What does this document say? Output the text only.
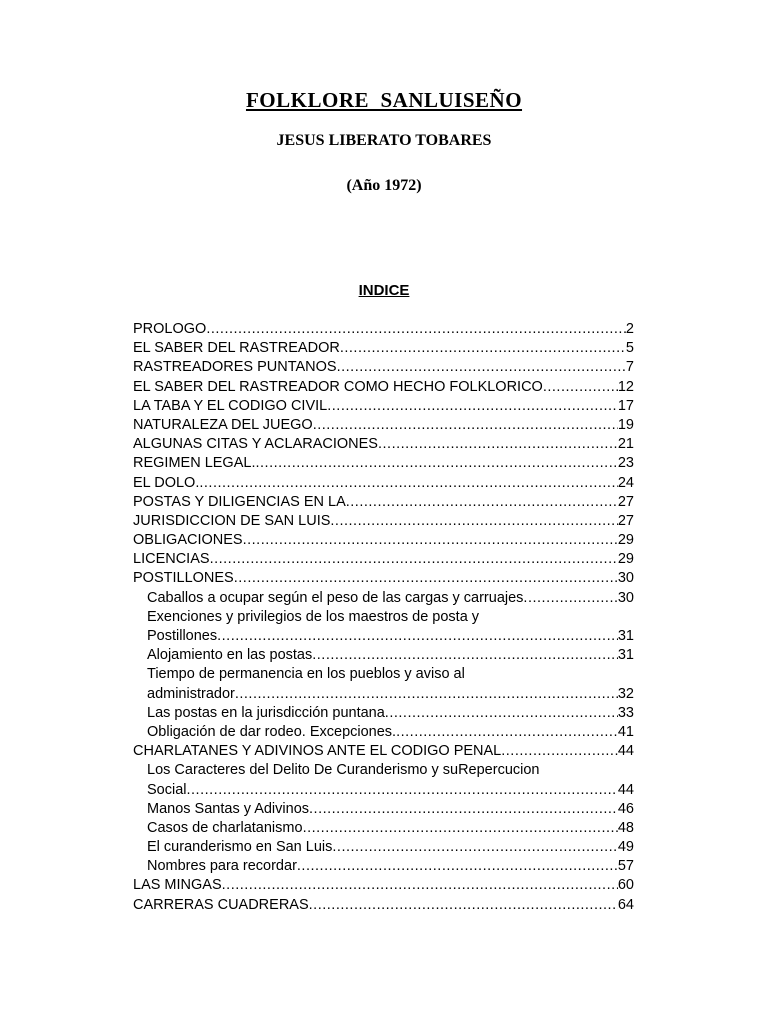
FOLKLORE  SANLUISEÑO
JESUS LIBERATO TOBARES
(Año 1972)
INDICE
PROLOGO .....	2
EL SABER DEL RASTREADOR .....	5
RASTREADORES PUNTANOS .....	7
EL SABER DEL RASTREADOR COMO HECHO FOLKLORICO .....	12
LA TABA Y EL CODIGO CIVIL .....	17
NATURALEZA DEL JUEGO .....	19
ALGUNAS CITAS Y ACLARACIONES .....	21
REGIMEN LEGAL. .....	23
EL DOLO. .....	24
POSTAS Y DILIGENCIAS EN LA .....	27
JURISDICCION DE SAN LUIS .....	27
OBLIGACIONES .....	29
LICENCIAS .....	29
POSTILLONES .....	30
Caballos a ocupar según el peso de las cargas y carruajes .....	30
Exenciones y privilegios de los maestros de posta y
Postillones .....	31
Alojamiento en las postas .....	31
Tiempo de permanencia en los pueblos y aviso al
administrador .....	32
Las postas en la jurisdicción puntana .....	33
Obligación de dar rodeo. Excepciones. .....	41
CHARLATANES Y ADIVINOS ANTE EL CODIGO PENAL .....	44
Los Caracteres del Delito De Curanderismo y suRepercucion
Social .....	44
Manos Santas y Adivinos .....	46
Casos de charlatanismo .....	48
El curanderismo en San Luis .....	49
Nombres para recordar .....	57
LAS MINGAS .....	60
CARRERAS CUADRERAS .....	64
